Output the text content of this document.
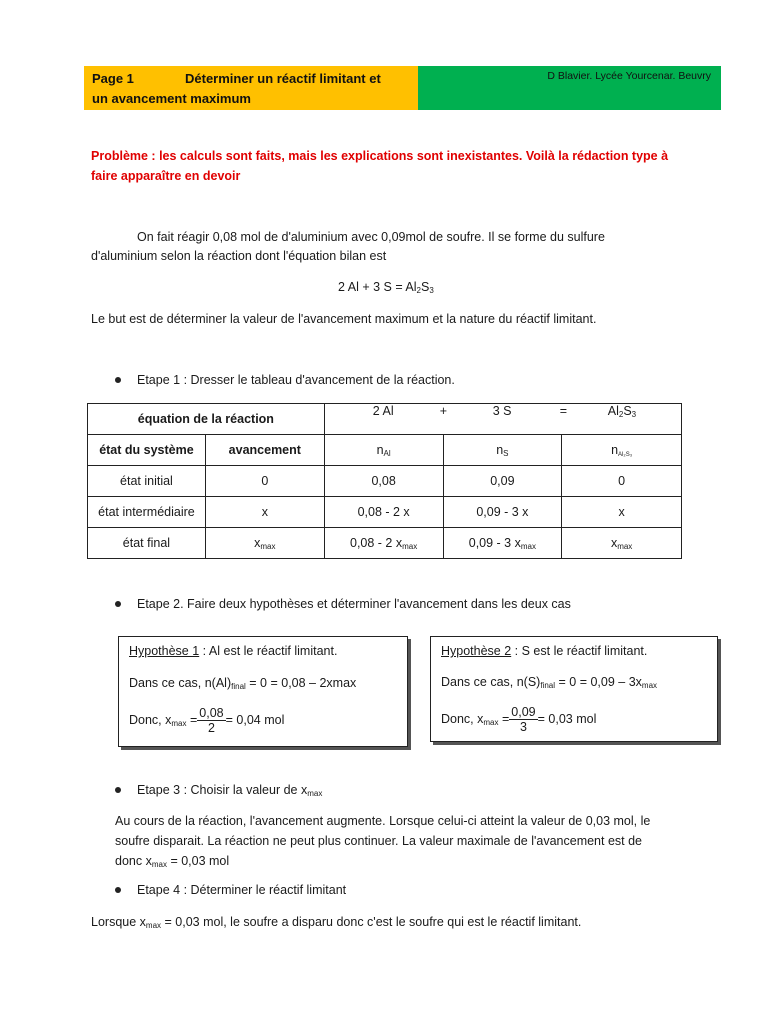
Page 1	Déterminer un réactif limitant et
un avancement maximum
D Blavier. Lycée Yourcenar. Beuvry

Problème : les calculs sont faits, mais les explications sont inexistantes. Voilà la rédaction type à

faire apparaître en devoir

On fait réagir 0,08 mol de d'aluminium avec 0,09mol de soufre. Il se forme du sulfure
d'aluminium selon la réaction dont l'équation bilan est
2 Al + 3 $S = Al_2S_3$
Le but est de déterminer la valeur de l'avancement maximum et la nature du réactif limitant.
Etape 1 : Dresser le tableau d'avancement de la réaction.
équation de la réaction		2 Al + 3 $S = Al_2S_3$

état du système	avancement	$n_{Al}$	$n_S$	$n_{Al_2S_3}$
état initial	0	0,08	0,09	0
état intermédiaire	x	0,08 - 2 x	0,09 - 3 x	x
état final	$x_{max}$	0,08 - 2 $x_{max}$	0,09 - 3 $x_{max}$	$x_{max}$
Etape 2. Faire deux hypothèses et déterminer l'avancement dans les deux cas
Hypothèse 1 : Al est le réactif limitant.
Dans ce cas, $n(Al)_{final} = 0 = 0,08 - 2xmax$
Donc, $x_{max} = \frac{0,08}{2} = 0,04$ mol
Hypothèse 2 : S est le réactif limitant.
Dans ce cas, $n(S)_{final} = 0 = 0,09 - 3x_{max}$
Donc, $x_{max} = \frac{0,09}{3} = 0,03$ mol
Etape 3 : Choisir la valeur de $x_{max}$

Au cours de la réaction, l'avancement augmente. Lorsque celui-ci atteint la valeur de 0,03 mol, le

soufre disparait. La réaction ne peut plus continuer. La valeur maximale de l'avancement est de

donc $x_{max} = 0,03$ mol

Etape 4 : Déterminer le réactif limitant
Lorsque $x_{max} = 0,03$ mol, le soufre a disparu donc c'est le soufre qui est le réactif limitant.
